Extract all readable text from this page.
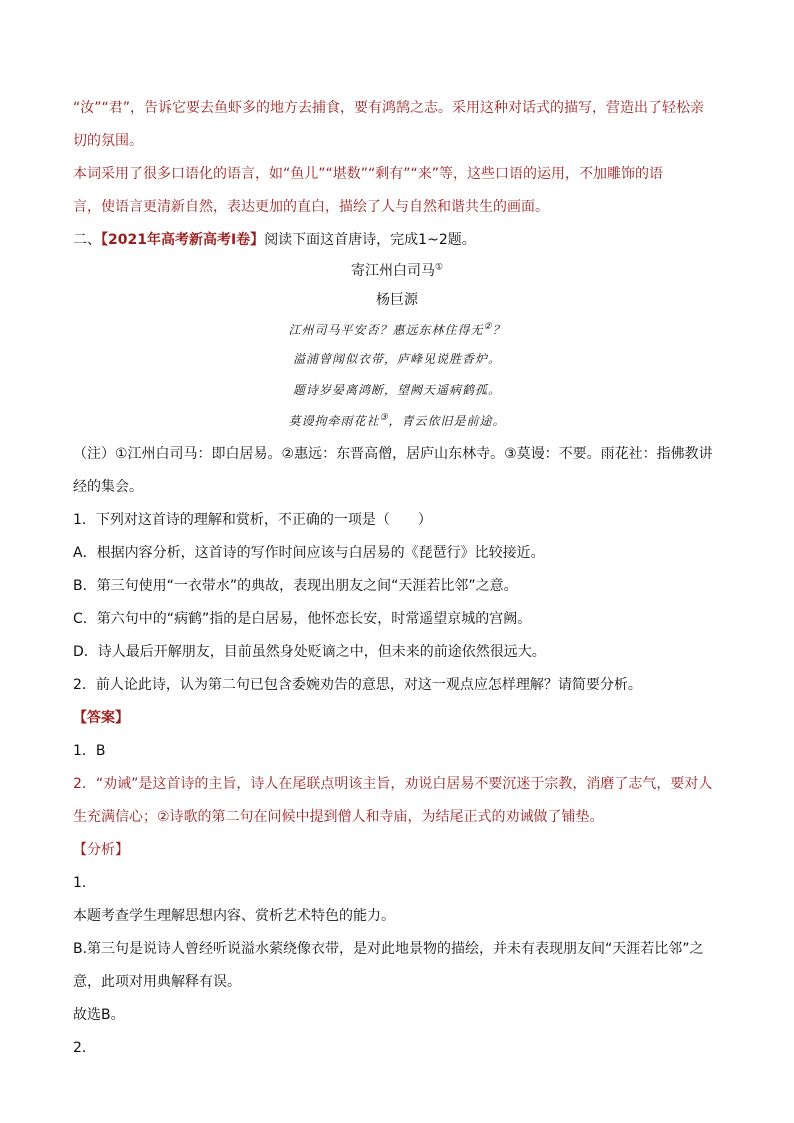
“汝”“君”，告诉它要去鱼虾多的地方去捕食，要有鸿鹄之志。采用这种对话式的描写，营造出了轻松亲
切的氛围。
本词采用了很多口语化的语言，如“鱼儿”“堪数”“剩有”“来”等，这些口语的运用，不加雕饰的语
言，使语言更清新自然，表达更加的直白，描绘了人与自然和谐共生的画面。
二、【2021年高考新高考Ⅰ卷】阅读下面这首唐诗，完成1~2题。
寄江州白司马①
杨巨源
江州司马平安否？惠远东林住得无②？
溢浦曾闻似衣带，庐峰见说胜香炉。
题诗岁晏离鸿断，望阙天遥病鹤孤。
莫谩拘牵雨花社③，青云依旧是前途。
（注）①江州白司马：即白居易。②惠远：东晋高僧，居庐山东林寺。③莫谩：不要。雨花社：指佛教讲
经的集会。
1．下列对这首诗的理解和赏析，不正确的一项是（　　）
A．根据内容分析，这首诗的写作时间应该与白居易的《琵琶行》比较接近。
B．第三句使用“一衣带水”的典故，表现出朋友之间“天涯若比邻”之意。
C．第六句中的“病鹤”指的是白居易，他怀恋长安，时常遥望京城的宫阙。
D．诗人最后开解朋友，目前虽然身处贬谪之中，但未来的前途依然很远大。
2．前人论此诗，认为第二句已包含委婉劝告的意思，对这一观点应怎样理解？请简要分析。
【答案】
1．B
2．“劝诫”是这首诗的主旨，诗人在尾联点明该主旨，劝说白居易不要沉迷于宗教，消磨了志气，要对人
生充满信心；②诗歌的第二句在问候中提到僧人和寺庙，为结尾正式的劝诫做了铺垫。
【分析】
1．
本题考查学生理解思想内容、赏析艺术特色的能力。
B.第三句是说诗人曾经听说溢水萦绕像衣带，是对此地景物的描绘，并未有表现朋友间“天涯若比邻”之
意，此项对用典解释有误。
故选B。
2．
